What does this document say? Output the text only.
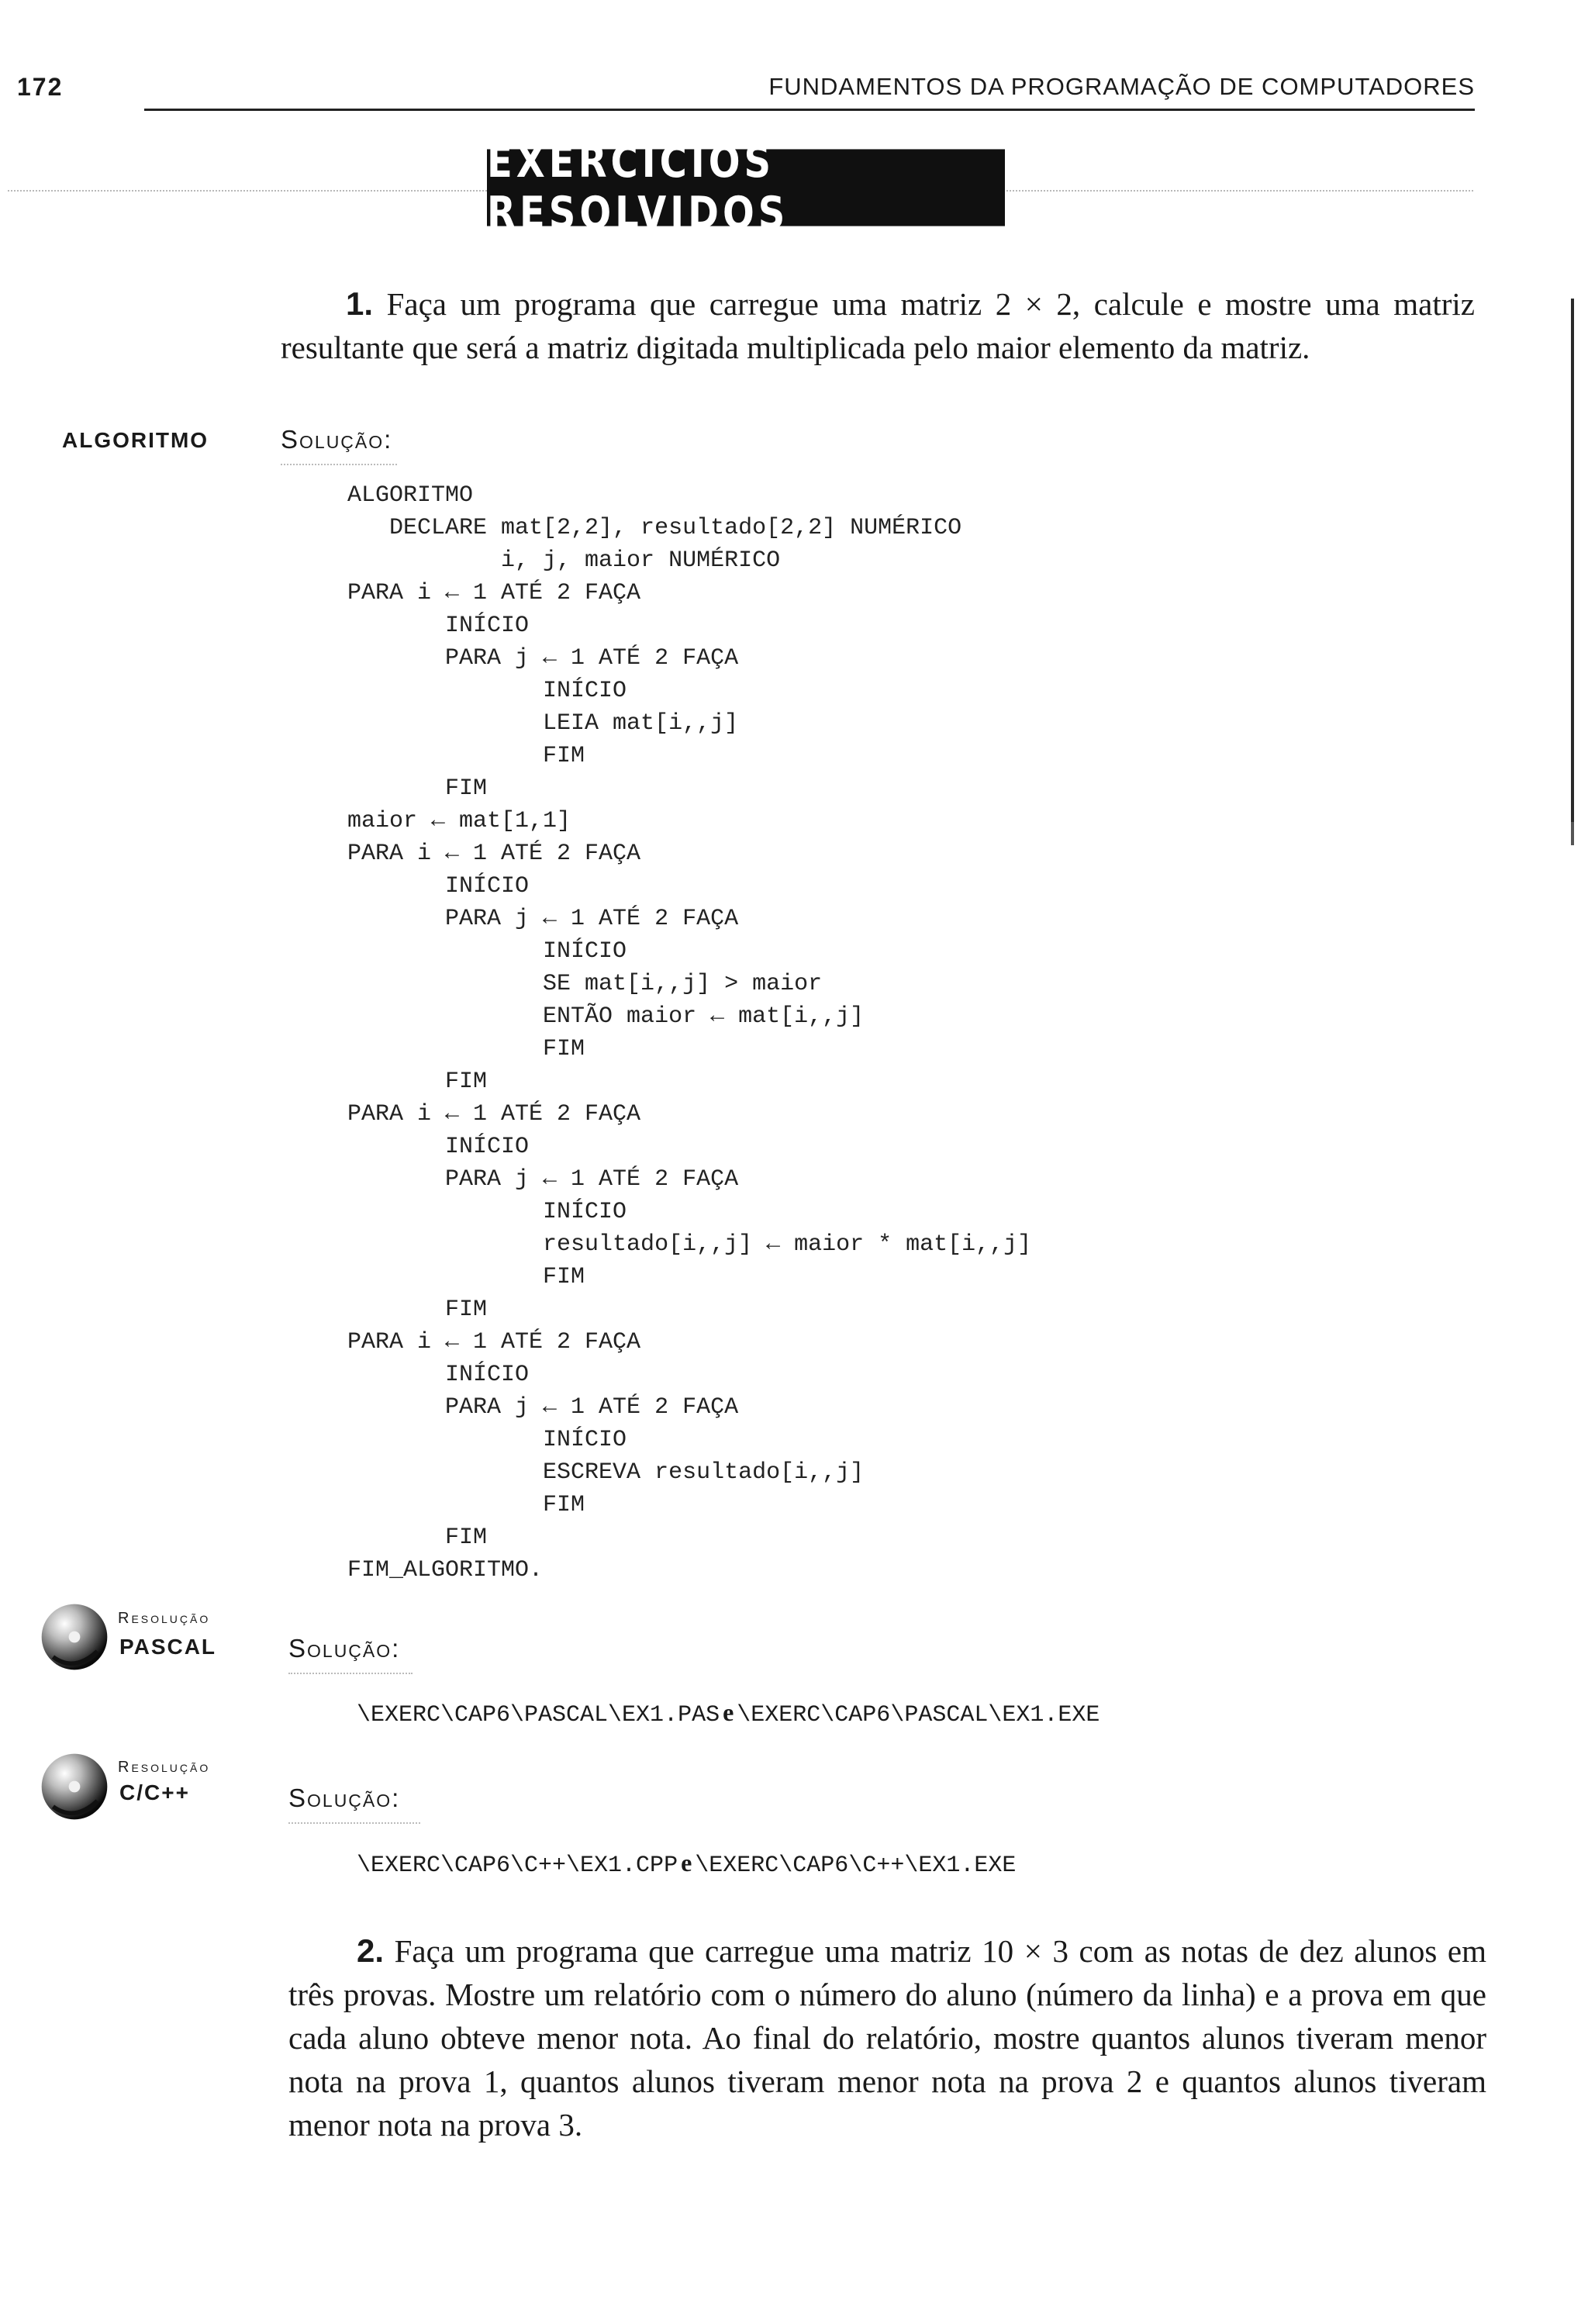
172	FUNDAMENTOS DA PROGRAMAÇÃO DE COMPUTADORES
EXERCÍCIOS RESOLVIDOS

1. Faça um programa que carregue uma matriz 2 × 2, calcule e mostre uma matriz resultante que será a matriz digitada multiplicada pelo maior elemento da matriz.

ALGORITMO	Solução:
ALGORITMO
DECLARE mat[2,2], resultado[2,2] NUMÉRICO
i, j, maior NUMÉRICO
PARA i ← 1 ATÉ 2 FAÇA
INÍCIO
PARA j ← 1 ATÉ 2 FAÇA
INÍCIO
LEIA mat[i,,j]
FIM
FIM
maior ← mat[1,1]
PARA i ← 1 ATÉ 2 FAÇA
INÍCIO
PARA j ← 1 ATÉ 2 FAÇA
INÍCIO
SE mat[i,,j] > maior
ENTÃO maior ← mat[i,,j]
FIM
FIM
PARA i ← 1 ATÉ 2 FAÇA
INÍCIO
PARA j ← 1 ATÉ 2 FAÇA
INÍCIO
resultado[i,,j] ← maior * mat[i,,j]
FIM
FIM
PARA i ← 1 ATÉ 2 FAÇA
INÍCIO
PARA j ← 1 ATÉ 2 FAÇA
INÍCIO
ESCREVA resultado[i,,j]
FIM
FIM
FIM_ALGORITMO.
Resolução
PASCAL	Solução:
\EXERC\CAP6\PASCAL\EX1.PAS e \EXERC\CAP6\PASCAL\EX1.EXE
Resolução
C/C++	Solução:
\EXERC\CAP6\C++\EX1.CPP e \EXERC\CAP6\C++\EX1.EXE

2. Faça um programa que carregue uma matriz 10 × 3 com as notas de dez alunos em três provas. Mostre um relatório com o número do aluno (número da linha) e a prova em que cada aluno obteve menor nota. Ao final do relatório, mostre quantos alunos tiveram menor nota na prova 1, quantos alunos tiveram menor nota na prova 2 e quantos alunos tiveram menor nota na prova 3.
